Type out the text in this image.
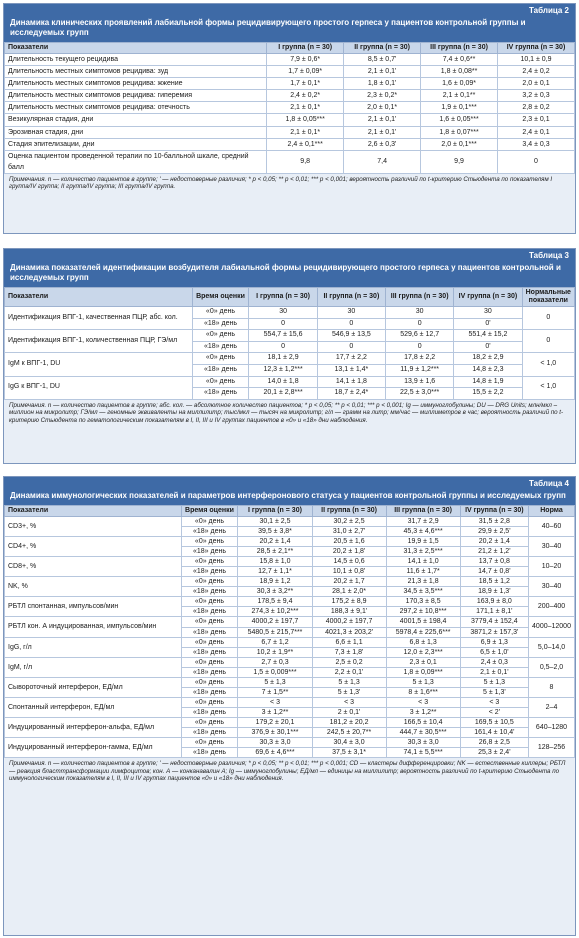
Таблица 2
Динамика клинических проявлений лабиальной формы рецидивирующего простого герпеса у пациентов контрольной группы и исследуемых групп
Показатели	I группа (n = 30)	II группа (n = 30)	III группа (n = 30)	IV группа (n = 30)
Длительность текущего рецидива	7,9 ± 0,6*	8,5 ± 0,7'	7,4 ± 0,6**	10,1 ± 0,9
Длительность местных симптомов рецидива: зуд	1,7 ± 0,09*	2,1 ± 0,1'	1,8 ± 0,08**	2,4 ± 0,2
Длительность местных симптомов рецидива: жжение	1,7 ± 0,1*	1,8 ± 0,1'	1,6 ± 0,09*	2,0 ± 0,1
Длительность местных симптомов рецидива: гиперемия	2,4 ± 0,2*	2,3 ± 0,2*	2,1 ± 0,1**	3,2 ± 0,3
Длительность местных симптомов рецидива: отечность	2,1 ± 0,1*	2,0 ± 0,1*	1,9 ± 0,1***	2,8 ± 0,2
Везикулярная стадия, дни	1,8 ± 0,05***	2,1 ± 0,1'	1,6 ± 0,05***	2,3 ± 0,1
Эрозивная стадия, дни	2,1 ± 0,1*	2,1 ± 0,1'	1,8 ± 0,07***	2,4 ± 0,1
Стадия эпителизации, дни	2,4 ± 0,1***	2,6 ± 0,3'	2,0 ± 0,1***	3,4 ± 0,3
Оценка пациентом проведенной терапии по 10-балльной шкале, средний балл	9,8	7,4	9,9	0
Примечания. n — количество пациентов в группе; ' — недостоверные различия; * p < 0,05; ** p < 0,01; *** p < 0,001; вероятность различий по t-критерию Стьюдента по показателям I группа/IV группа; II группа/IV группа; III группа/IV группа.
Таблица 3
Динамика показателей идентификации возбудителя лабиальной формы рецидивирующего простого герпеса у пациентов контрольной и исследуемых групп
Показатели	Время оценки	I группа (n = 30)	II группа (n = 30)	III группа (n = 30)	IV группа (n = 30)	Нормальные показатели
Идентификация ВПГ-1, качественная ПЦР, абс. кол.	«0» день	30	30	30	30	0
	«18» день	0	0	0	0'	
Идентификация ВПГ-1, количественная ПЦР, ГЭ/мл	«0» день	554,7 ± 15,6	546,9 ± 13,5	529,6 ± 12,7	551,4 ± 15,2	0
	«18» день	0	0	0	0'	
IgM к ВПГ-1, DU	«0» день	18,1 ± 2,9	17,7 ± 2,2	17,8 ± 2,2	18,2 ± 2,9	< 1,0
	«18» день	12,3 ± 1,2***	13,1 ± 1,4*	11,9 ± 1,2***	14,8 ± 2,3	
IgG к ВПГ-1, DU	«0» день	14,0 ± 1,8	14,1 ± 1,8	13,9 ± 1,6	14,8 ± 1,9	< 1,0
	«18» день	20,1 ± 2,8***	18,7 ± 2,4*	22,5 ± 3,0***	15,5 ± 2,2	
Примечания. n — количество пациентов в группе; абс. кол. — абсолютное количество пациентов; * p < 0,05; ** p < 0,01; *** p < 0,001; Ig — иммуноглобулины; DU — DRG Units; млн/мкл – миллион на микролитр; ГЭ/мл — геномные эквиваленты на миллилитр; тыс/мкл — тысяч на микролитр; г/л — грамм на литр; мм/час — миллиметров в час; вероятность различий по t-критерию Стьюдента по гематологическим показателям в I, II, III и IV группах пациентов в «0» и «18» дни наблюдения.
Таблица 4
Динамика иммунологических показателей и параметров интерферонового статуса у пациентов контрольной группы и исследуемых групп
Показатели	Время оценки	I группа (n = 30)	II группа (n = 30)	III группа (n = 30)	IV группа (n = 30)	Норма
CD3+, %	«0» день	30,1 ± 2,5	30,2 ± 2,5	31,7 ± 2,9	31,5 ± 2,8	40–60
	«18» день	39,5 ± 3,8*	31,0 ± 2,7'	45,3 ± 4,6***	29,9 ± 2,5'	
CD4+, %	«0» день	20,2 ± 1,4	20,5 ± 1,6	19,9 ± 1,5	20,2 ± 1,4	30–40
	«18» день	28,5 ± 2,1**	20,2 ± 1,8'	31,3 ± 2,5***	21,2 ± 1,2'	
CD8+, %	«0» день	15,8 ± 1,0	14,5 ± 0,6	14,1 ± 1,0	13,7 ± 0,8	10–20
	«18» день	12,7 ± 1,1*	10,1 ± 0,8'	11,6 ± 1,7*	14,7 ± 0,8'	
NK, %	«0» день	18,9 ± 1,2	20,2 ± 1,7	21,3 ± 1,8	18,5 ± 1,2	30–40
	«18» день	30,3 ± 3,2**	28,1 ± 2,0*	34,5 ± 3,5***	18,9 ± 1,3'	
РБТЛ спонтанная, импульсов/мин	«0» день	178,5 ± 9,4	175,2 ± 8,9	170,3 ± 8,5	163,9 ± 8,0	200–400
	«18» день	274,3 ± 10,2***	188,3 ± 9,1'	297,2 ± 10,8***	171,1 ± 8,1'	
РБТЛ кон. А индуцированная, импульсов/мин	«0» день	4000,2 ± 197,7	4000,2 ± 197,7	4001,5 ± 198,4	3779,4 ± 152,4	4000–12000
	«18» день	5480,5 ± 215,7***	4021,3 ± 203,2'	5978,4 ± 225,6***	3871,2 ± 157,3'	
IgG, г/л	«0» день	6,7 ± 1,2	6,6 ± 1,1	6,8 ± 1,3	6,9 ± 1,3	5,0–14,0
	«18» день	10,2 ± 1,9**	7,3 ± 1,8'	12,0 ± 2,3***	6,5 ± 1,0'	
IgM, г/л	«0» день	2,7 ± 0,3	2,5 ± 0,2	2,3 ± 0,1	2,4 ± 0,3	0,5–2,0
	«18» день	1,5 ± 0,009***	2,2 ± 0,1'	1,8 ± 0,09***	2,1 ± 0,1'	
Сывороточный интерферон, ЕД/мл	«0» день	5 ± 1,3	5 ± 1,3	5 ± 1,3	5 ± 1,3	8
	«18» день	7 ± 1,5**	5 ± 1,3'	8 ± 1,6***	5 ± 1,3'	
Спонтанный интерферон, ЕД/мл	«0» день	< 3	< 3	< 3	< 3	2–4
	«18» день	3 ± 1,2**	2 ± 0,1'	3 ± 1,2**	< 2'	
Индуцированный интерферон-альфа, ЕД/мл	«0» день	179,2 ± 20,1	181,2 ± 20,2	166,5 ± 10,4	169,5 ± 10,5	640–1280
	«18» день	376,9 ± 30,1***	242,5 ± 20,7**	444,7 ± 30,5***	161,4 ± 10,4'	
Индуцированный интерферон-гамма, ЕД/мл	«0» день	30,3 ± 3,0	30,4 ± 3,0	30,3 ± 3,0	26,8 ± 2,5	128–256
	«18» день	69,6 ± 4,6***	37,5 ± 3,1*	74,1 ± 5,5***	25,3 ± 2,4'	
Примечания. n — количество пациентов в группе; ' — недостоверные различия; * p < 0,05; ** p < 0,01; *** p < 0,001; CD — кластеры дифференцировки; NK — естественные киллеры; РБТЛ — реакция бласттрансформации лимфоцитов; кон. А — конканавалин А; Ig — иммуноглобулины; ЕД/мл — единицы на миллилитр; вероятность различий по t-критерию Стьюдента по иммунологическим показателям в I, II, III и IV группах пациентов «0» и «18» дни наблюдения.
